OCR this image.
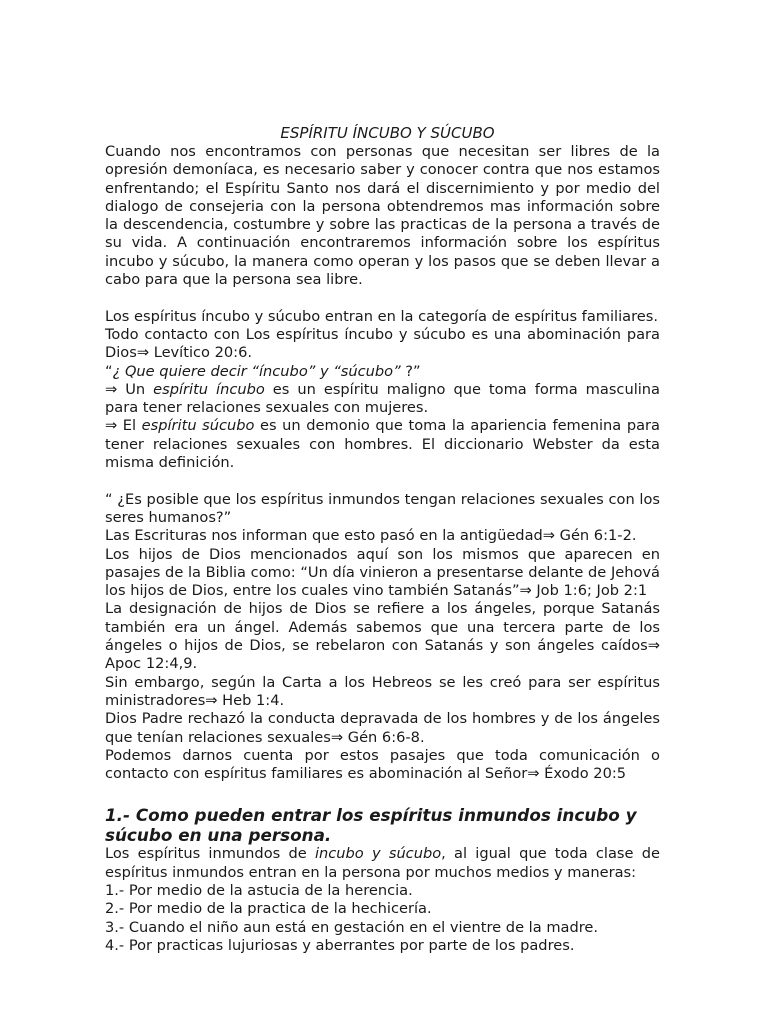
ESPÍRITU ÍNCUBO Y SÚCUBO

Cuando nos encontramos con personas que necesitan ser libres de la opresión demoníaca, es necesario saber y conocer contra que nos estamos enfrentando; el Espíritu Santo nos dará el discernimiento y por medio del dialogo de consejeria con la persona obtendremos mas información sobre la descendencia, costumbre y sobre las practicas de la persona a través de su vida. A continuación encontraremos información sobre los espíritus incubo y súcubo, la manera como operan y los pasos que se deben llevar a cabo para que la persona sea libre.

Los espíritus íncubo y súcubo entran en la categoría de espíritus familiares.

Todo contacto con Los espíritus íncubo y súcubo es una abominación para Dios⇒ Levítico 20:6.

“¿ Que quiere decir “íncubo” y “súcubo” ?”

⇒ Un espíritu íncubo es un espíritu maligno que toma forma masculina para tener relaciones sexuales con mujeres.

⇒ El espíritu súcubo es un demonio que toma la apariencia femenina para tener relaciones sexuales con hombres. El diccionario Webster da esta misma definición.

“ ¿Es posible que los espíritus inmundos tengan relaciones sexuales con los seres humanos?”

Las Escrituras nos informan que esto pasó en la antigüedad⇒ Gén 6:1-2.

Los hijos de Dios mencionados aquí son los mismos que aparecen en pasajes de la Biblia como: “Un día vinieron a presentarse delante de Jehová los hijos de Dios, entre los cuales vino también Satanás”⇒ Job 1:6; Job 2:1

La designación de hijos de Dios se refiere a los ángeles, porque Satanás también era un ángel. Además sabemos que una tercera parte de los ángeles o hijos de Dios, se rebelaron con Satanás y son ángeles caídos⇒ Apoc 12:4,9.

Sin embargo, según la Carta a los Hebreos se les creó para ser espíritus ministradores⇒ Heb 1:4.

Dios Padre rechazó la conducta depravada de los hombres y de los ángeles que tenían relaciones sexuales⇒ Gén 6:6-8.

Podemos darnos cuenta por estos pasajes que toda comunicación o contacto con espíritus familiares es abominación al Señor⇒ Éxodo 20:5

1.- Como pueden entrar los espíritus inmundos incubo y súcubo en una persona.

Los espíritus inmundos de incubo y súcubo, al igual que toda clase de espíritus inmundos entran en la persona por muchos medios y maneras:

1.- Por medio de la astucia de la herencia.

2.- Por medio de la practica de la hechicería.

3.- Cuando el niño aun está en gestación en el vientre de la madre.

4.- Por practicas lujuriosas y aberrantes por parte de los padres.
